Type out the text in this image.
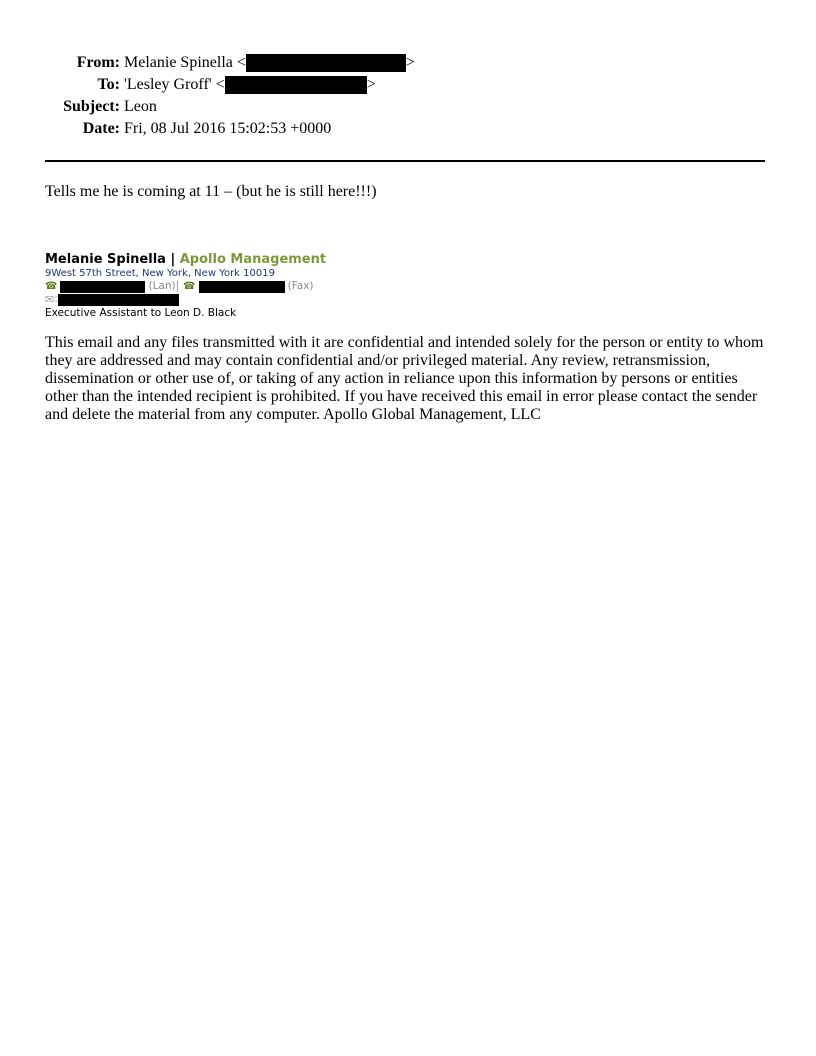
From: Melanie Spinella <	>
To: 'Lesley Groff' <	>
Subject: Leon
Date: Fri, 08 Jul 2016 15:02:53 +0000
Tells me he is coming at 11 – (but he is still here!!!)
Melanie Spinella | Apollo Management
9West 57th Street, New York, New York 10019
☎	(Lan)| ☎	(Fax)
✉ :
Executive Assistant to Leon D. Black
This email and any files transmitted with it are confidential and intended solely for the person or entity to whom they are addressed and may contain confidential and/or privileged material. Any review, retransmission, dissemination or other use of, or taking of any action in reliance upon this information by persons or entities other than the intended recipient is prohibited. If you have received this email in error please contact the sender and delete the material from any computer. Apollo Global Management, LLC
